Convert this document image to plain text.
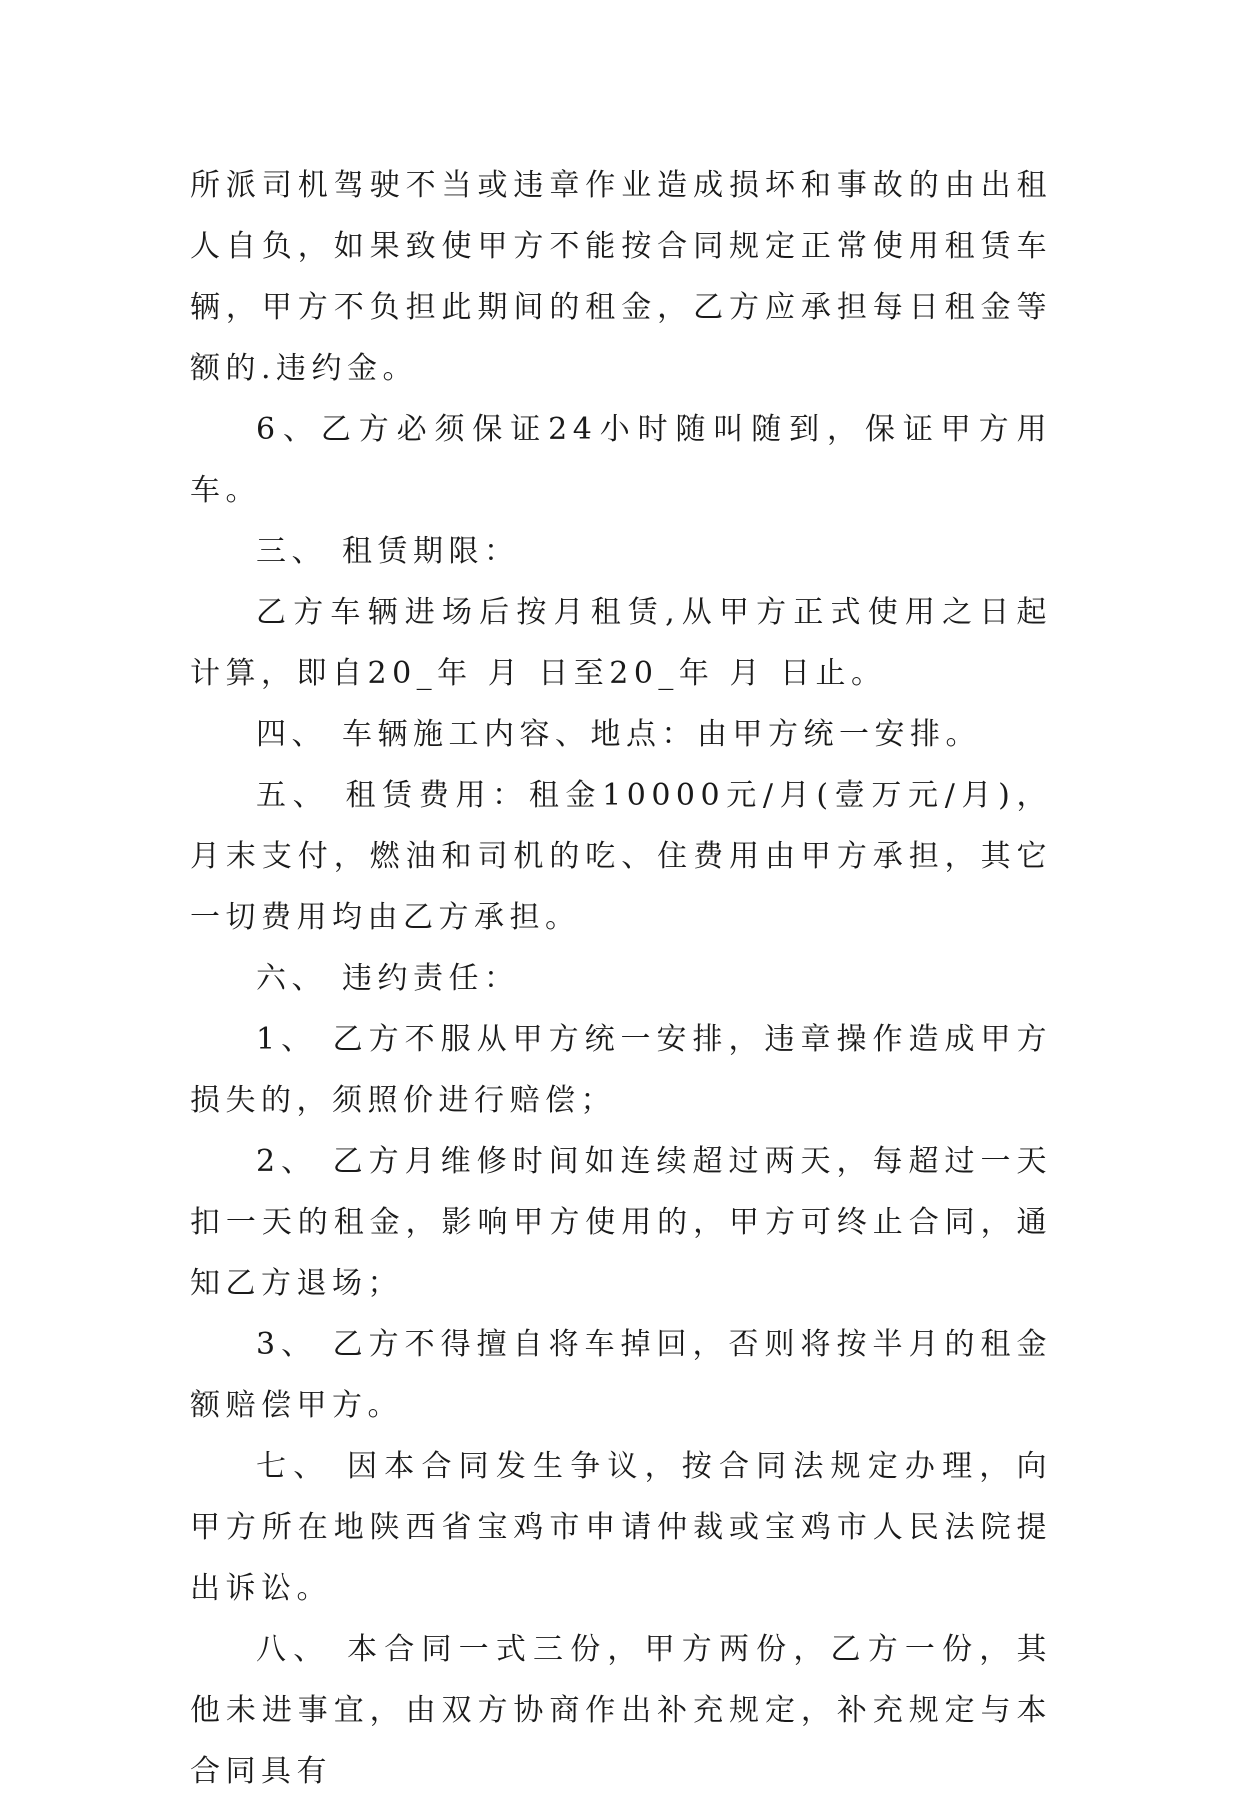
所派司机驾驶不当或违章作业造成损坏和事故的由出租人自负，如果致使甲方不能按合同规定正常使用租赁车辆，甲方不负担此期间的租金，乙方应承担每日租金等额的.违约金。

6、乙方必须保证24小时随叫随到，保证甲方用车。

三、 租赁期限：

乙方车辆进场后按月租赁,从甲方正式使用之日起计算，即自20_年 月 日至20_年 月 日止。

四、 车辆施工内容、地点：由甲方统一安排。

五、 租赁费用：租金10000元/月(壹万元/月)，月末支付，燃油和司机的吃、住费用由甲方承担，其它一切费用均由乙方承担。

六、 违约责任：

1、 乙方不服从甲方统一安排，违章操作造成甲方损失的，须照价进行赔偿；

2、 乙方月维修时间如连续超过两天，每超过一天扣一天的租金，影响甲方使用的，甲方可终止合同，通知乙方退场；

3、 乙方不得擅自将车掉回，否则将按半月的租金额赔偿甲方。

七、 因本合同发生争议，按合同法规定办理，向甲方所在地陕西省宝鸡市申请仲裁或宝鸡市人民法院提出诉讼。

八、 本合同一式三份，甲方两份，乙方一份，其他未进事宜，由双方协商作出补充规定，补充规定与本合同具有
